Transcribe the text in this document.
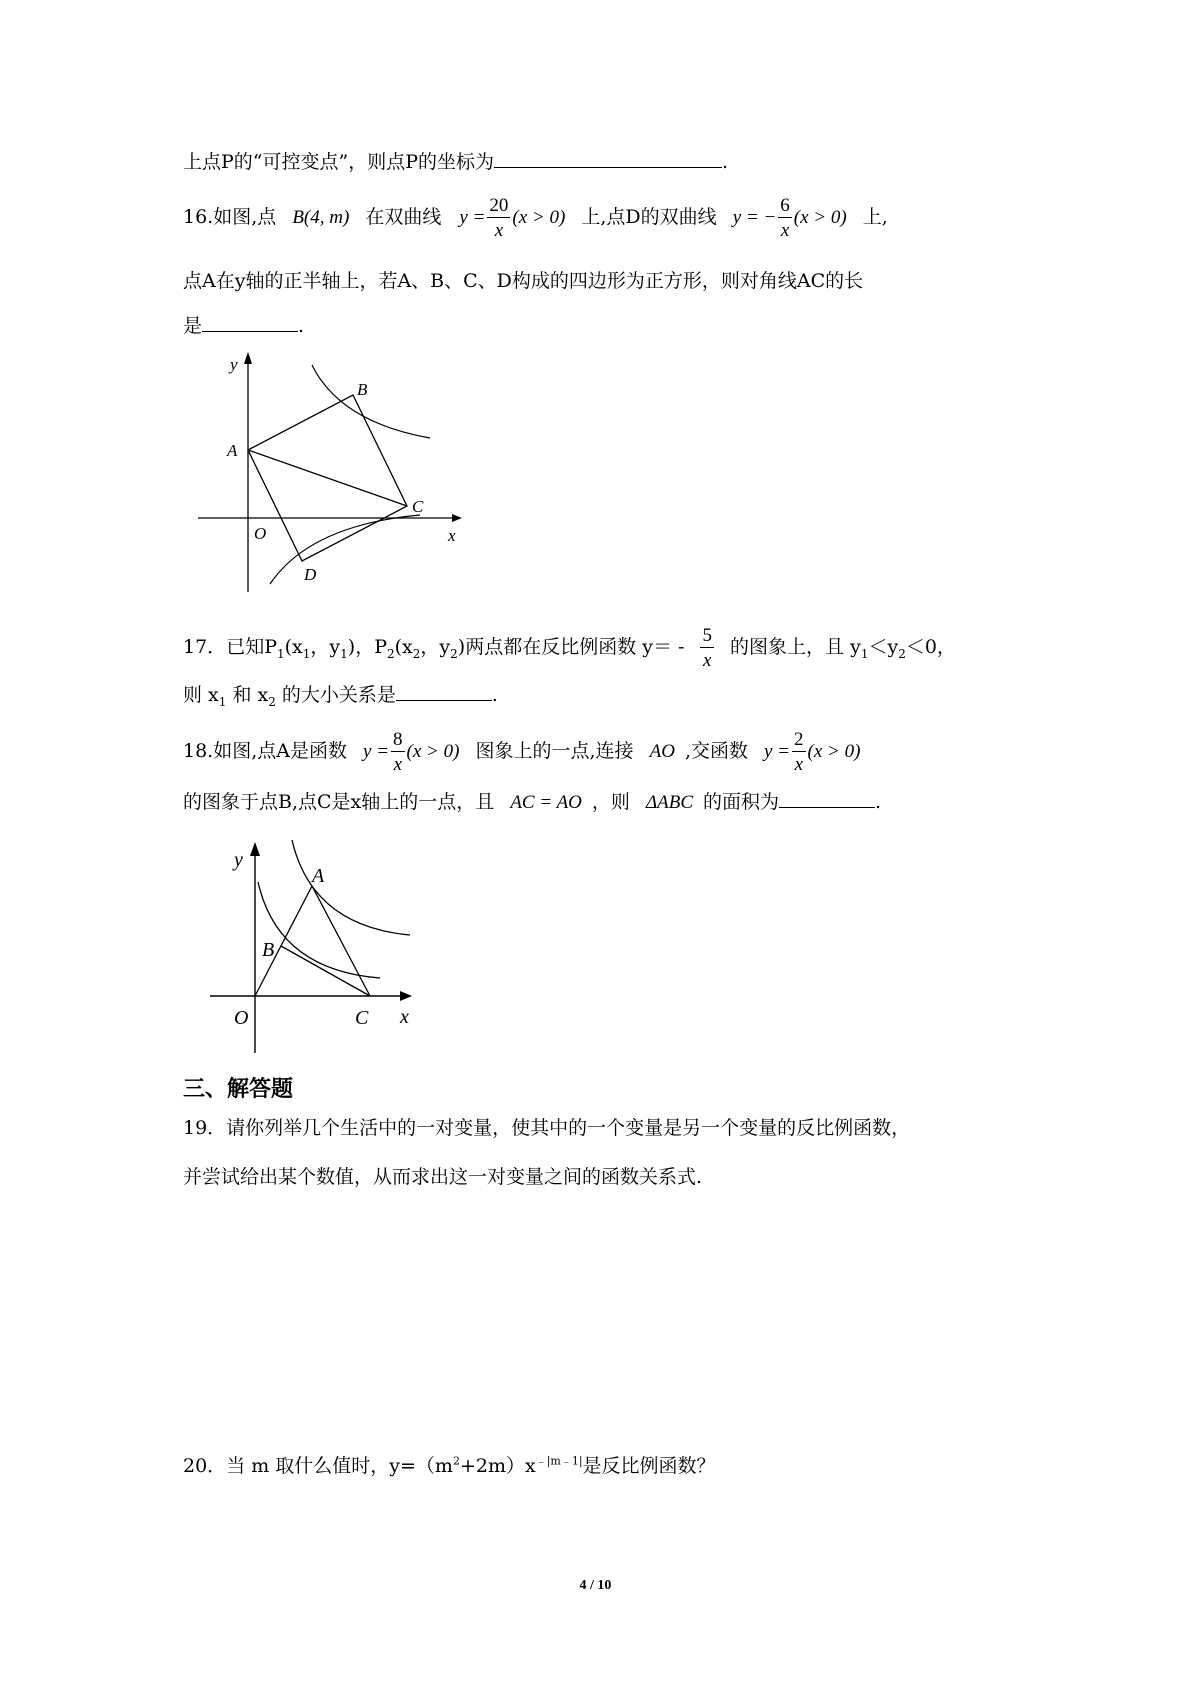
上点P的“可控变点”，则点P的坐标为	.
16.如图,点 B(4, m) 在双曲线 $y = \frac{20}{x} (x > 0)$ 上,点D的双曲线 y = − $\frac{6}{x} (x > 0)$ 上,
点A在y轴的正半轴上，若A、B、C、D构成的四边形为正方形，则对角线AC的长
是	.
y
x
O
A
B
C
D
17．已知$P_1(x_1$，$y_1$)，$P_2(x_2$，$y_2$)两点都在反比例函数 $y= - \frac{5}{x}$ 的图象上，且 $y_1<y_2<0$，
则 $x_1$ 和 $x_2$ 的大小关系是	.
18.如图,点A是函数 $y = \frac{8}{x} (x > 0)$ 图象上的一点,连接 AO ,交函数 $y = \frac{2}{x} (x > 0)$
的图象于点B,点C是x轴上的一点，且 AC = AO ，则 ΔABC 的面积为	.
y
x
O
A
B
C
三、解答题
19．请你列举几个生活中的一对变量，使其中的一个变量是另一个变量的反比例函数，
并尝试给出某个数值，从而求出这一对变量之间的函数关系式.
20．当 m 取什么值时，$y=(m^2+2m)x^{﹣|m﹣1|}$是反比例函数？
4 / 10
